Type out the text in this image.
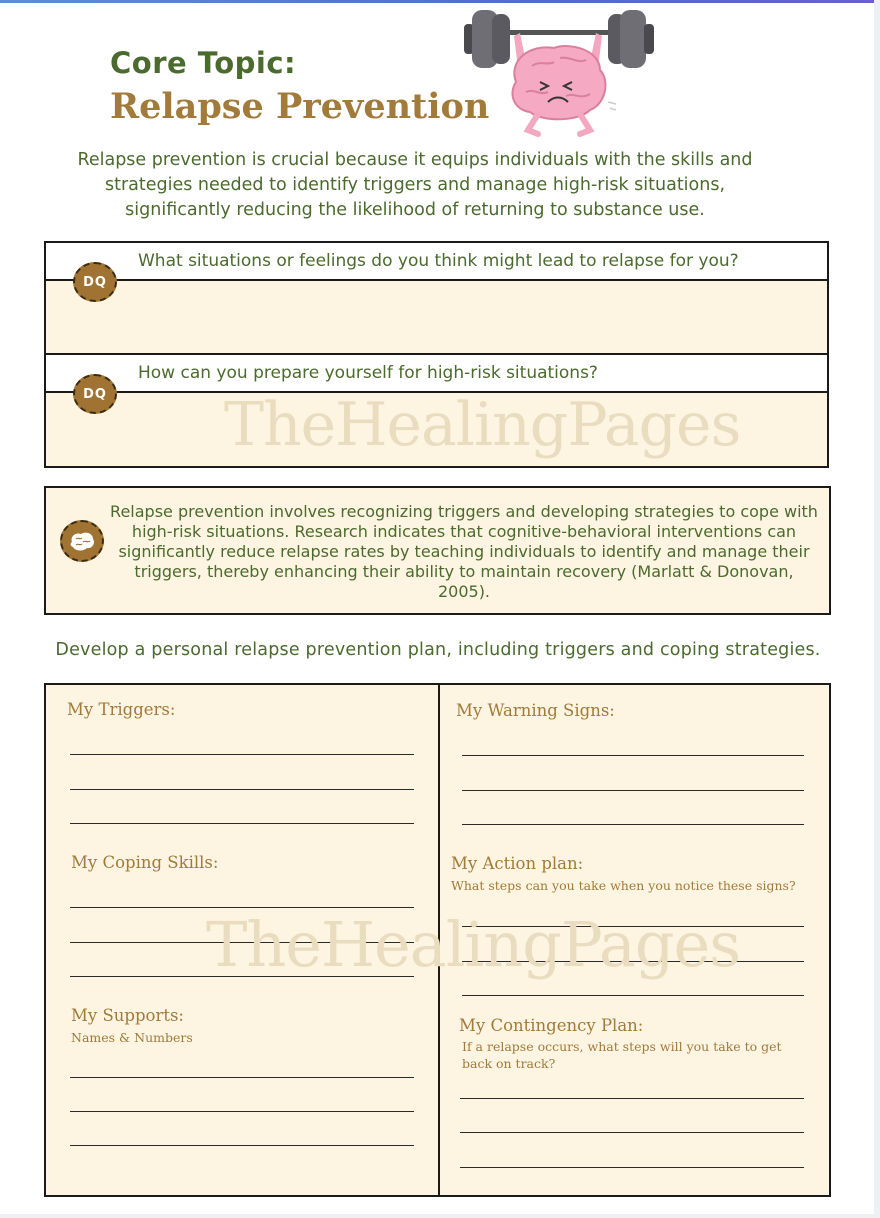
Core Topic:
Relapse Prevention

Relapse prevention is crucial because it equips individuals with the skills and strategies needed to identify triggers and manage high-risk situations, significantly reducing the likelihood of returning to substance use.

What situations or feelings do you think might lead to relapse for you?
DQ
How can you prepare yourself for high-risk situations?
DQ TheHealingPages

Relapse prevention involves recognizing triggers and developing strategies to cope with high-risk situations. Research indicates that cognitive-behavioral interventions can significantly reduce relapse rates by teaching individuals to identify and manage their triggers, thereby enhancing their ability to maintain recovery (Marlatt & Donovan, 2005).

Develop a personal relapse prevention plan, including triggers and coping strategies.

My Triggers:

My Coping Skills:

My Supports:

Names & Numbers

My Warning Signs:

My Action plan:

What steps can you take when you notice these signs?

My Contingency Plan:

If a relapse occurs, what steps will you take to get back on track?

TheHealingPages
